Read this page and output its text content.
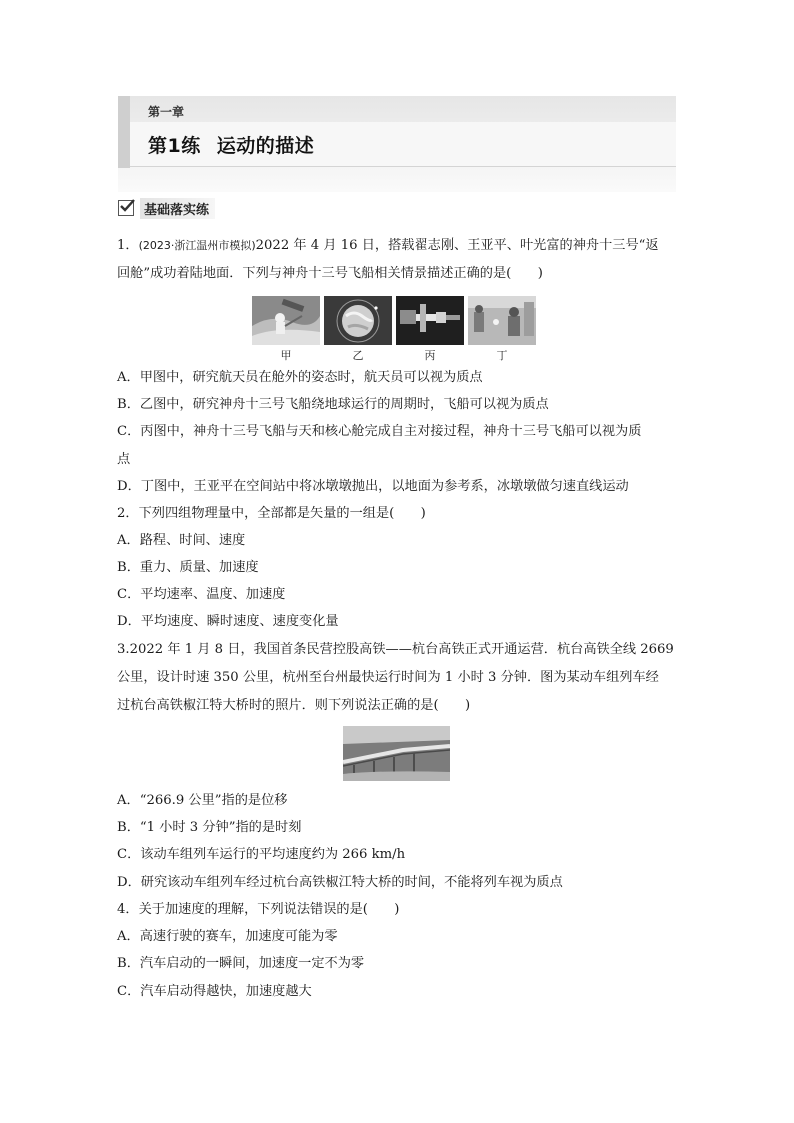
第一章
第1练 运动的描述
基础落实练
1．(2023·浙江温州市模拟)2022 年 4 月 16 日，搭载翟志刚、王亚平、叶光富的神舟十三号“返
回舱”成功着陆地面．下列与神舟十三号飞船相关情景描述正确的是(　　)
甲	乙	丙	丁
A．甲图中，研究航天员在舱外的姿态时，航天员可以视为质点
B．乙图中，研究神舟十三号飞船绕地球运行的周期时，飞船可以视为质点
C．丙图中，神舟十三号飞船与天和核心舱完成自主对接过程，神舟十三号飞船可以视为质
点
D．丁图中，王亚平在空间站中将冰墩墩抛出，以地面为参考系，冰墩墩做匀速直线运动
2．下列四组物理量中，全部都是矢量的一组是(　　)
A．路程、时间、速度
B．重力、质量、加速度
C．平均速率、温度、加速度
D．平均速度、瞬时速度、速度变化量
3.2022 年 1 月 8 日，我国首条民营控股高铁——杭台高铁正式开通运营．杭台高铁全线 2669
公里，设计时速 350 公里，杭州至台州最快运行时间为 1 小时 3 分钟．图为某动车组列车经
过杭台高铁椒江特大桥时的照片．则下列说法正确的是(　　)
A．“266.9 公里”指的是位移
B．“1 小时 3 分钟”指的是时刻
C．该动车组列车运行的平均速度约为 266 km/h
D．研究该动车组列车经过杭台高铁椒江特大桥的时间，不能将列车视为质点
4．关于加速度的理解，下列说法错误的是(　　)
A．高速行驶的赛车，加速度可能为零
B．汽车启动的一瞬间，加速度一定不为零
C．汽车启动得越快，加速度越大
